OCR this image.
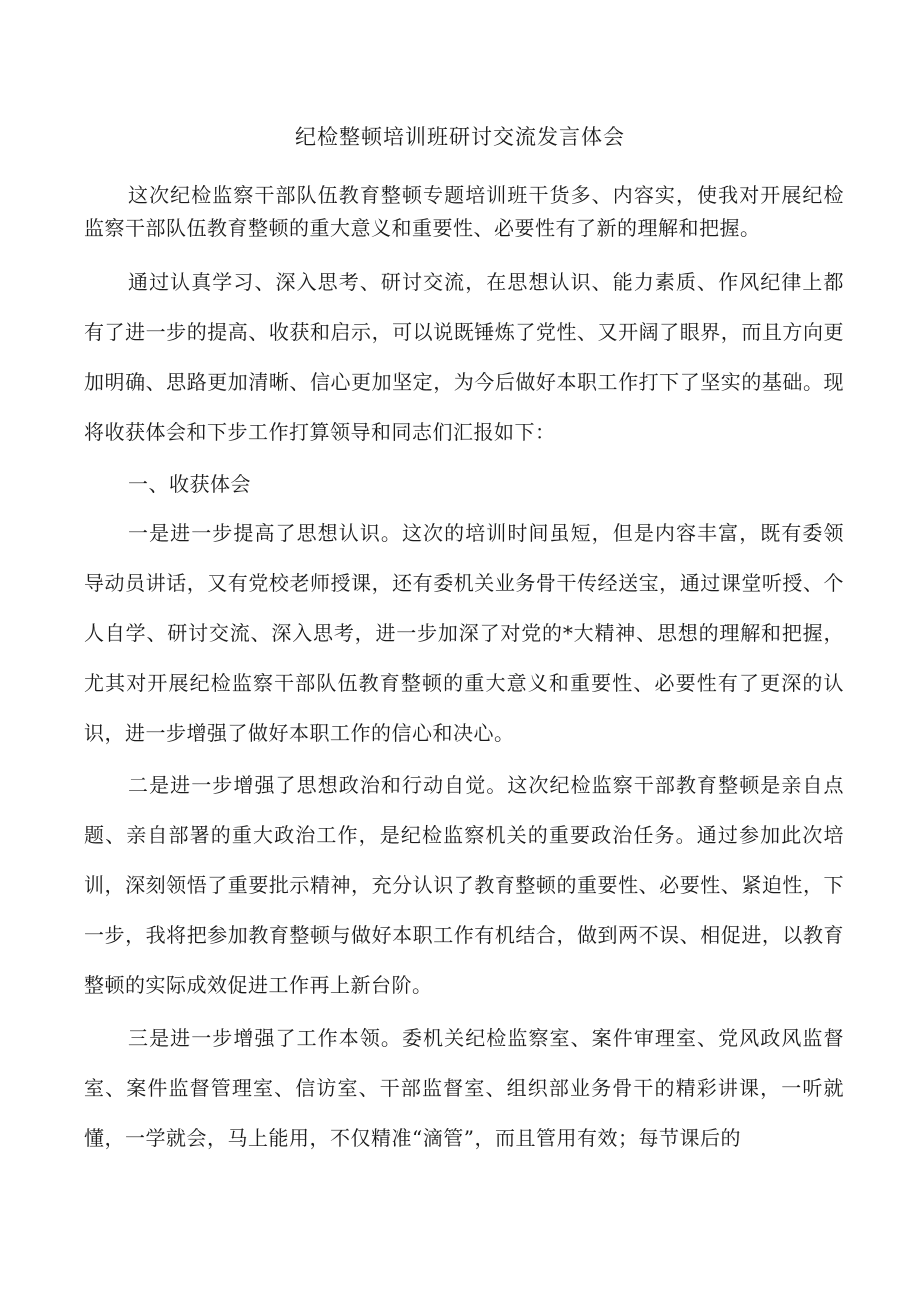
纪检整顿培训班研讨交流发言体会

这次纪检监察干部队伍教育整顿专题培训班干货多、内容实，使我对开展纪检监察干部队伍教育整顿的重大意义和重要性、必要性有了新的理解和把握。

通过认真学习、深入思考、研讨交流，在思想认识、能力素质、作风纪律上都有了进一步的提高、收获和启示，可以说既锤炼了党性、又开阔了眼界，而且方向更加明确、思路更加清晰、信心更加坚定，为今后做好本职工作打下了坚实的基础。现将收获体会和下步工作打算领导和同志们汇报如下：

一、收获体会

一是进一步提高了思想认识。这次的培训时间虽短，但是内容丰富，既有委领导动员讲话，又有党校老师授课，还有委机关业务骨干传经送宝，通过课堂听授、个人自学、研讨交流、深入思考，进一步加深了对党的*大精神、思想的理解和把握，尤其对开展纪检监察干部队伍教育整顿的重大意义和重要性、必要性有了更深的认识，进一步增强了做好本职工作的信心和决心。

二是进一步增强了思想政治和行动自觉。这次纪检监察干部教育整顿是亲自点题、亲自部署的重大政治工作，是纪检监察机关的重要政治任务。通过参加此次培训，深刻领悟了重要批示精神，充分认识了教育整顿的重要性、必要性、紧迫性，下一步，我将把参加教育整顿与做好本职工作有机结合，做到两不误、相促进，以教育整顿的实际成效促进工作再上新台阶。

三是进一步增强了工作本领。委机关纪检监察室、案件审理室、党风政风监督室、案件监督管理室、信访室、干部监督室、组织部业务骨干的精彩讲课，一听就懂，一学就会，马上能用，不仅精准“滴管”，而且管用有效；每节课后的
